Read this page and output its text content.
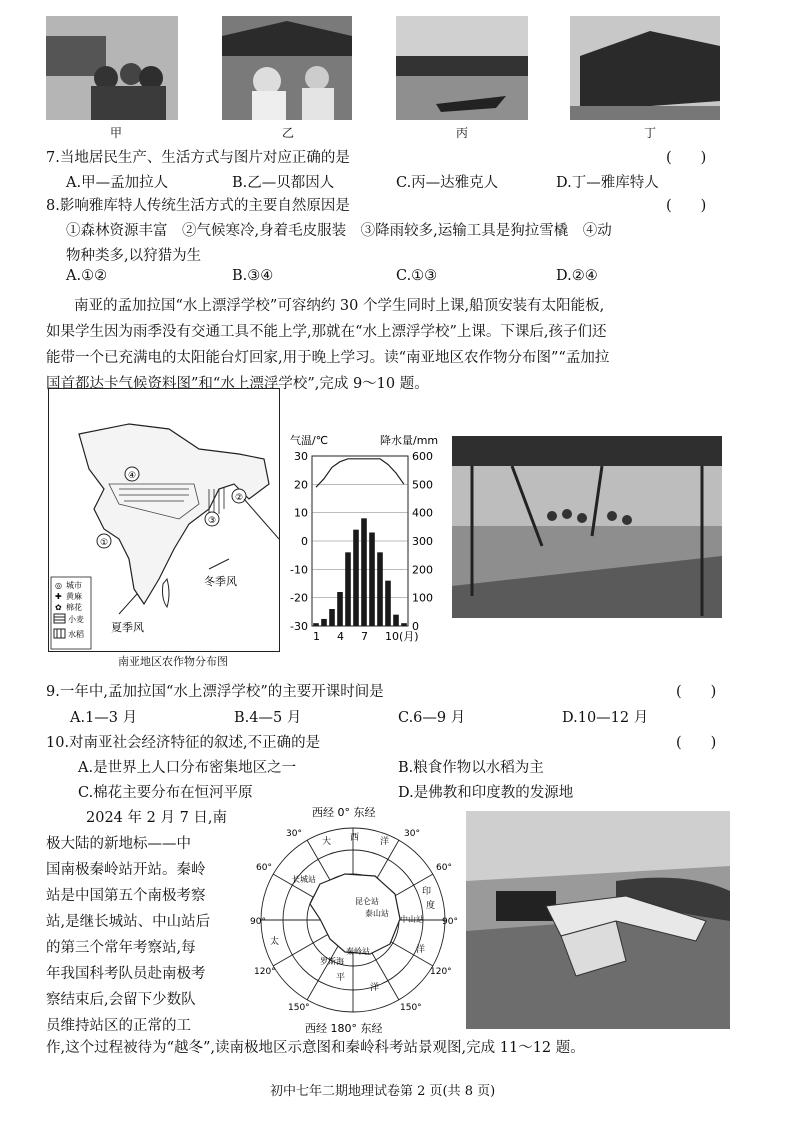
甲	乙	丙	丁
7.当地居民生产、生活方式与图片对应正确的是	(　　)
A.甲—孟加拉人	B.乙—贝都因人	C.丙—达雅克人	D.丁—雅库特人
8.影响雅库特人传统生活方式的主要自然原因是	(　　)
①森林资源丰富　②气候寒冷,身着毛皮服装　③降雨较多,运输工具是狗拉雪橇　④动
物种类多,以狩猎为生
A.①②	B.③④	C.①③	D.②④
南亚的孟加拉国“水上漂浮学校”可容纳约 30 个学生同时上课,船顶安装有太阳能板,
如果学生因为雨季没有交通工具不能上学,那就在“水上漂浮学校”上课。下课后,孩子们还
能带一个已充满电的太阳能台灯回家,用于晚上学习。读“南亚地区农作物分布图”“孟加拉
国首都达卡气候资料图”和“水上漂浮学校”,完成 9～10 题。
④
①
②
③
冬季风
夏季风
◎ 城市
✚ 黄麻
✿ 棉花
小麦
水稻
南亚地区农作物分布图
气温/℃	降水量/mm
30
20
10
0
-10
-20
-30
600
500
400
300
200
100
0
1 4 7 10(月)
9.一年中,孟加拉国“水上漂浮学校”的主要开课时间是	(　　)
A.1—3 月	B.4—5 月	C.6—9 月	D.10—12 月
10.对南亚社会经济特征的叙述,不正确的是	(　　)
A.是世界上人口分布密集地区之一	B.粮食作物以水稻为主
C.棉花主要分布在恒河平原	D.是佛教和印度教的发源地
2024 年 2 月 7 日,南
极大陆的新地标——中
国南极秦岭站开站。秦岭
站是中国第五个南极考察
站,是继长城站、中山站后
的第三个常年考察站,每
年我国科考队员赴南极考
察结束后,会留下少数队
员维持站区的正常的工
作,这个过程被待为“越冬”,读南极地区示意图和秦岭科考站景观图,完成 11～12 题。
西经 0° 东经
西经 180° 东经
30°
30°
60°
60°
90°
90°
120°
120°
150°
150°
大 西 洋
印
度
洋
太
平
洋
长城站
中山站
泰山站
昆仑站
秦岭站
罗斯海
初中七年二期地理试卷第 2 页(共 8 页)
